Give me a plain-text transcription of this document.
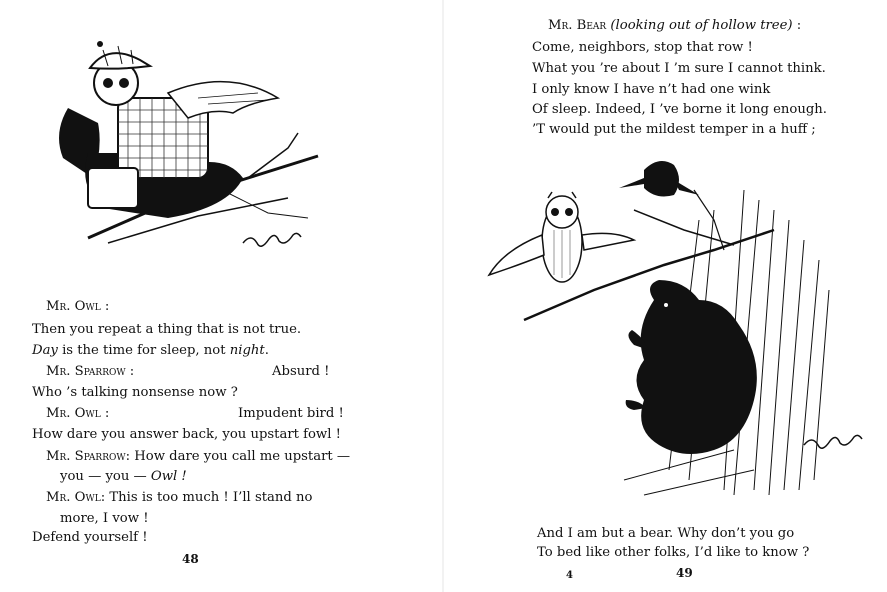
Mr. Owl :
Then you repeat a thing that is not true.
Day is the time for sleep, not night.
Mr. Sparrow :	Absurd !
Who ’s talking nonsense now ?
Mr. Owl :	Impudent bird !
How dare you answer back, you upstart fowl !
Mr. Sparrow: How dare you call me upstart —
you — you — Owl !
Mr. Owl: This is too much ! I’ll stand no
more, I vow !
Defend yourself !
48
Mr. Bear (looking out of hollow tree) :
Come, neighbors, stop that row !
What you ’re about I ’m sure I cannot think.
I only know I have n’t had one wink
Of sleep. Indeed, I ’ve borne it long enough.
’T would put the mildest temper in a huff ;
And I am but a bear. Why don’t you go
To bed like other folks, I’d like to know ?
4	49
